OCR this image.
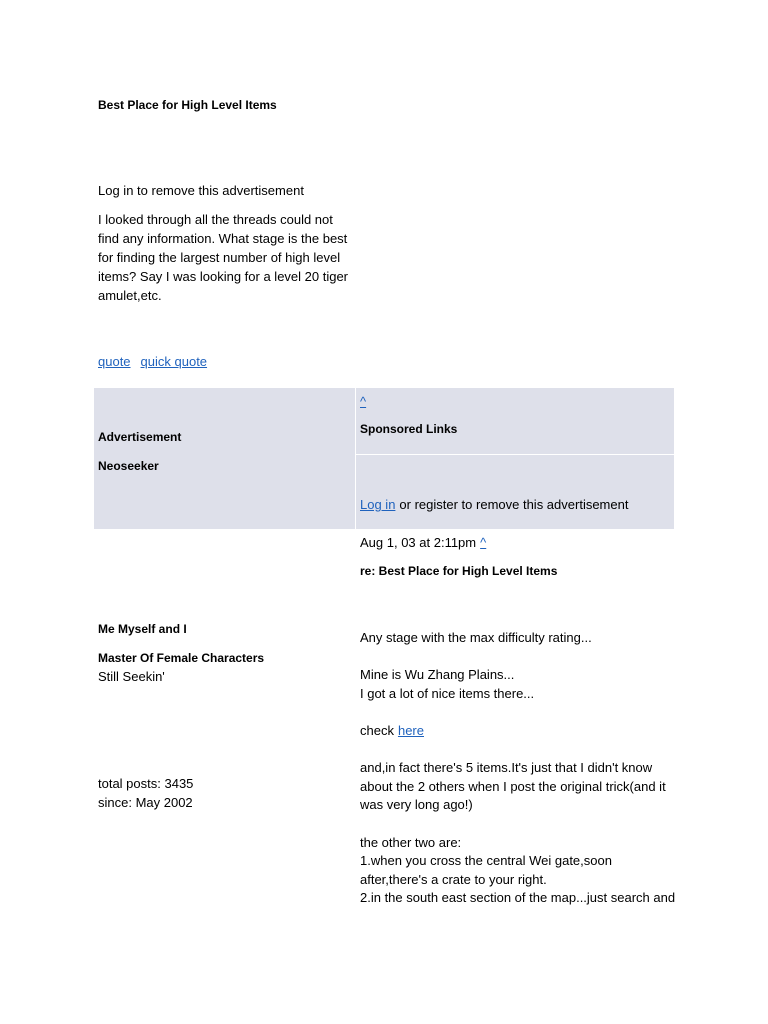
Best Place for High Level Items
Log in to remove this advertisement
I looked through all the threads could not
find any information. What stage is the best
for finding the largest number of high level
items? Say I was looking for a level 20 tiger
amulet,etc.
quote quick quote
Advertisement
Neoseeker
^
Sponsored Links
Log in or register to remove this advertisement
Aug 1, 03 at 2:11pm ^
re: Best Place for High Level Items
Me Myself and I
Master Of Female Characters
Still Seekin'
total posts: 3435
since: May 2002
Any stage with the max difficulty rating...
Mine is Wu Zhang Plains...
I got a lot of nice items there...
check here
and,in fact there's 5 items.It's just that I didn't know
about the 2 others when I post the original trick(and it
was very long ago!)
the other two are:
1.when you cross the central Wei gate,soon
after,there's a crate to your right.
2.in the south east section of the map...just search and
